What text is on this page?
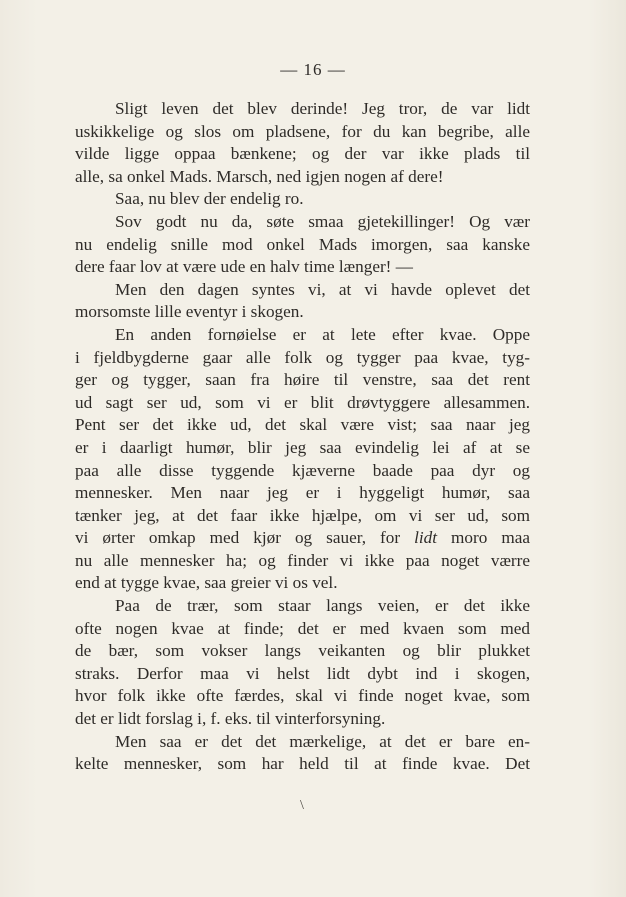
— 16 —
Sligt leven det blev derinde! Jeg tror, de var lidt
uskikkelige og slos om pladsene, for du kan begribe, alle
vilde ligge oppaa bænkene; og der var ikke plads til
alle, sa onkel Mads. Marsch, ned igjen nogen af dere!
Saa, nu blev der endelig ro.
Sov godt nu da, søte smaa gjetekillinger! Og vær
nu endelig snille mod onkel Mads imorgen, saa kanske
dere faar lov at være ude en halv time længer! —
Men den dagen syntes vi, at vi havde oplevet det
morsomste lille eventyr i skogen.
En anden fornøielse er at lete efter kvae. Oppe
i fjeldbygderne gaar alle folk og tygger paa kvae, tyg-
ger og tygger, saan fra høire til venstre, saa det rent
ud sagt ser ud, som vi er blit drøvtyggere allesammen.
Pent ser det ikke ud, det skal være vist; saa naar jeg
er i daarligt humør, blir jeg saa evindelig lei af at se
paa alle disse tyggende kjæverne baade paa dyr og
mennesker. Men naar jeg er i hyggeligt humør, saa
tænker jeg, at det faar ikke hjælpe, om vi ser ud, som
vi ørter omkap med kjør og sauer, for lidt moro maa
nu alle mennesker ha; og finder vi ikke paa noget værre
end at tygge kvae, saa greier vi os vel.
Paa de trær, som staar langs veien, er det ikke
ofte nogen kvae at finde; det er med kvaen som med
de bær, som vokser langs veikanten og blir plukket
straks. Derfor maa vi helst lidt dybt ind i skogen,
hvor folk ikke ofte færdes, skal vi finde noget kvae, som
det er lidt forslag i, f. eks. til vinterforsyning.
Men saa er det det mærkelige, at det er bare en-
kelte mennesker, som har held til at finde kvae. Det
\
